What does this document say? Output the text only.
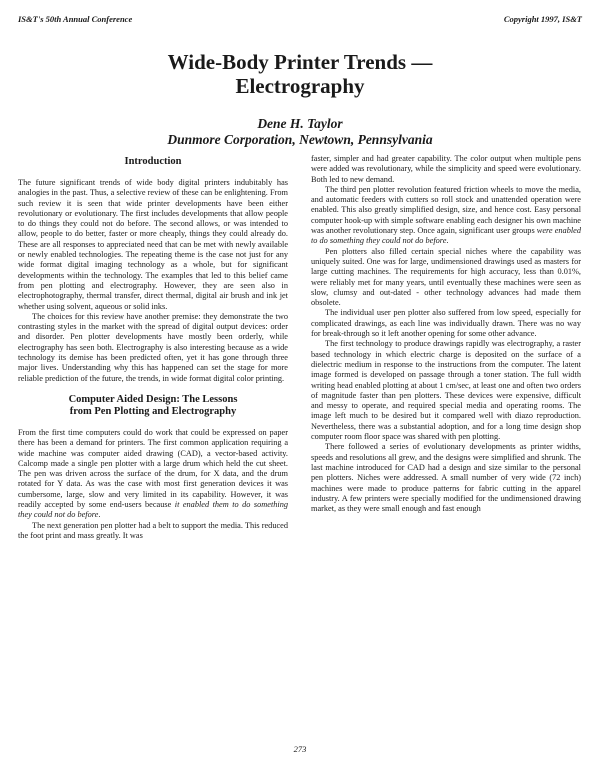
IS&T's 50th Annual Conference	Copyright 1997, IS&T
Wide-Body Printer Trends —
Electrography
Dene H. Taylor
Dunmore Corporation, Newtown, Pennsylvania
Introduction

The future significant trends of wide body digital printers indubitably has analogies in the past. Thus, a selective review of these can be enlightening. From such review it is seen that wide printer developments have been either revolutionary or evolutionary. The first includes developments that allow people to do things they could not do before. The second allows, or was intended to allow, people to do better, faster or more cheaply, things they could already do. These are all responses to appreciated need that can be met with newly available or newly enabled technologies. The repeating theme is the case not just for any wide format digital imaging technology as a whole, but for significant developments within the technology. The examples that led to this belief came from pen plotting and electrography. However, they are seen also in electrophotography, thermal transfer, direct thermal, digital air brush and ink jet whether using solvent, aqueous or solid inks.

The choices for this review have another premise: they demonstrate the two contrasting styles in the market with the spread of digital output devices: order and disorder. Pen plotter developments have mostly been orderly, while electrography has seen both. Electrography is also interesting because as a wide technology its demise has been predicted often, yet it has gone through three major lives. Understanding why this has happened can set the stage for more reliable prediction of the future, the trends, in wide format digital color printing.

Computer Aided Design: The Lessons
from Pen Plotting and Electrography

From the first time computers could do work that could be expressed on paper there has been a demand for printers. The first common application requiring a wide machine was computer aided drawing (CAD), a vector-based activity. Calcomp made a single pen plotter with a large drum which held the cut sheet. The pen was driven across the surface of the drum, for X data, and the drum rotated for Y data. As was the case with most first generation devices it was cumbersome, large, slow and very limited in its capability. However, it was readily accepted by some end-users because it enabled them to do something they could not do before.

The next generation pen plotter had a belt to support the media. This reduced the foot print and mass greatly. It was

faster, simpler and had greater capability. The color output when multiple pens were added was revolutionary, while the simplicity and speed were evolutionary. Both led to new demand.

The third pen plotter revolution featured friction wheels to move the media, and automatic feeders with cutters so roll stock and unattended operation were enabled. This also greatly simplified design, size, and hence cost. Easy personal computer hook-up with simple software enabling each designer his own machine was another revolutionary step. Once again, significant user groups were enabled to do something they could not do before.

Pen plotters also filled certain special niches where the capability was uniquely suited. One was for large, undimensioned drawings used as masters for large cutting machines. The requirements for high accuracy, less than 0.01%, were reliably met for many years, until eventually these machines were seen as slow, clumsy and out-dated - other technology advances had made them obsolete.

The individual user pen plotter also suffered from low speed, especially for complicated drawings, as each line was individually drawn. There was no way for break-through so it left another opening for some other advance.

The first technology to produce drawings rapidly was electrography, a raster based technology in which electric charge is deposited on the surface of a dielectric medium in response to the instructions from the computer. The latent image formed is developed on passage through a toner station. The full width writing head enabled plotting at about 1 cm/sec, at least one and often two orders of magnitude faster than pen plotters. These devices were expensive, difficult and messy to operate, and required special media and operating rooms. The image left much to be desired but it compared well with diazo reproduction. Nevertheless, there was a substantial adoption, and for a long time design shop computer room floor space was shared with pen plotting.

There followed a series of evolutionary developments as printer widths, speeds and resolutions all grew, and the designs were simplified and shrunk. The last machine introduced for CAD had a design and size similar to the personal pen plotters. Niches were addressed. A small number of very wide (72 inch) machines were made to produce patterns for fabric cutting in the apparel industry. A few printers were specially modified for the undimensioned drawing market, as they were small enough and fast enough

273
